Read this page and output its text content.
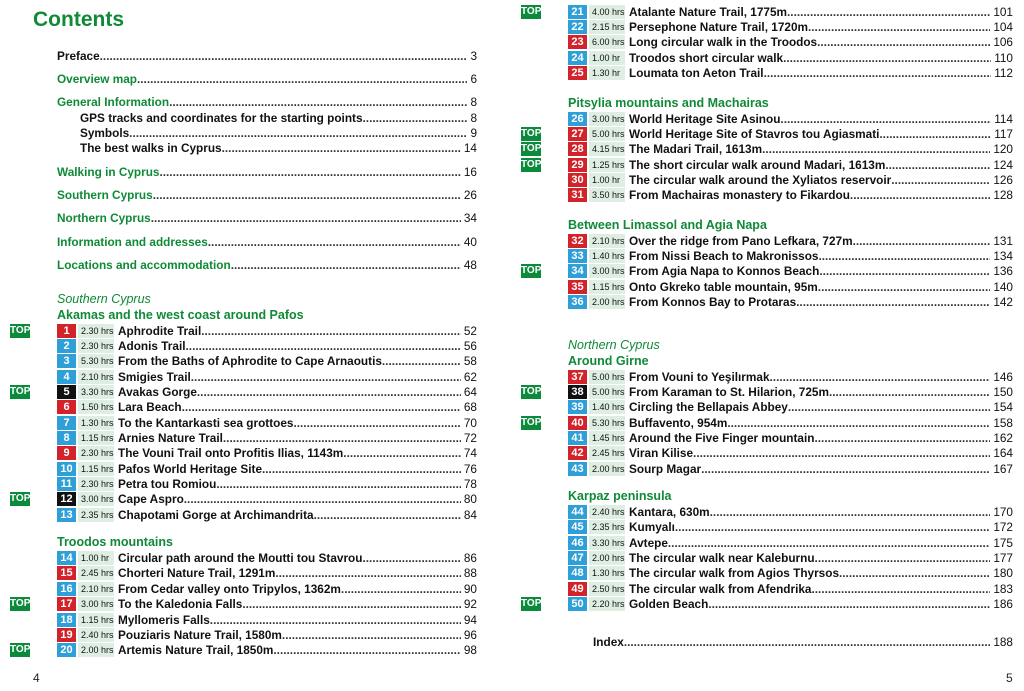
Contents
Preface .....	3
Overview map .....	6
General Information .....	8
GPS tracks and coordinates for the starting points .....	8
Symbols .....	9
The best walks in Cyprus .....	14
Walking in Cyprus .....	16
Southern Cyprus .....	26
Northern Cyprus .....	34
Information and addresses .....	40
Locations and accommodation .....	48
Southern Cyprus
Akamas and the west coast around Pafos
TOP	1	2.30 hrs Aphrodite Trail .....	52
2	2.30 hrs Adonis Trail .....	56
3	5.30 hrs From the Baths of Aphrodite to Cape Arnaoutis .....	58
4	2.10 hrs Smigies Trail .....	62
TOP	5	3.30 hrs Avakas Gorge .....	64
6	1.50 hrs Lara Beach .....	68
7	1.30 hrs To the Kantarkasti sea grottoes .....	70
8	1.15 hrs Arnies Nature Trail .....	72
9	2.30 hrs The Vouni Trail onto Profitis Ilias, 1143m .....	74
10 1.15 hrs Pafos World Heritage Site .....	76
11 2.30 hrs Petra tou Romiou .....	78
TOP	12 3.00 hrs Cape Aspro .....	80
13 2.35 hrs Chapotami Gorge at Archimandrita .....	84
Troodos mountains
14 1.00 hr Circular path around the Moutti tou Stavrou .....	86
15 2.45 hrs Chorteri Nature Trail, 1291m .....	88
16 2.10 hrs From Cedar valley onto Tripylos, 1362m .....	90
TOP	17 3.00 hrs To the Kaledonia Falls .....	92
18 1.15 hrs Myllomeris Falls .....	94
19 2.40 hrs Pouziaris Nature Trail, 1580m .....	96
TOP	20 2.00 hrs Artemis Nature Trail, 1850m .....	98
4
TOP	21 4.00 hrs Atalante Nature Trail, 1775m .....	101
22 2.15 hrs Persephone Nature Trail, 1720m .....	104
23 6.00 hrs Long circular walk in the Troodos .....	106
24 1.00 hr Troodos short circular walk .....	110
25 1.30 hr Loumata ton Aeton Trail .....	112
Pitsylia mountains and Machairas
26 3.00 hrs World Heritage Site Asinou .....	114
TOP	27 5.00 hrs World Heritage Site of Stavros tou Agiasmati .....	117
TOP	28 4.15 hrs The Madari Trail, 1613m .....	120
TOP	29 1.25 hrs The short circular walk around Madari, 1613m .....	124
30 1.00 hr The circular walk around the Xyliatos reservoir .....	126
31 3.50 hrs From Machairas monastery to Fikardou .....	128
Between Limassol and Agia Napa
32 2.10 hrs Over the ridge from Pano Lefkara, 727m .....	131
33 1.40 hrs From Nissi Beach to Makronissos .....	134
TOP	34 3.00 hrs From Agia Napa to Konnos Beach .....	136
35 1.15 hrs Onto Gkreko table mountain, 95m .....	140
36 2.00 hrs From Konnos Bay to Protaras .....	142
Northern Cyprus
Around Girne
37 5.00 hrs From Vouni to Yeşilırmak .....	146
TOP	38 5.00 hrs From Karaman to St. Hilarion, 725m .....	150
39 1.40 hrs Circling the Bellapais Abbey .....	154
TOP	40 5.30 hrs Buffavento, 954m .....	158
41 1.45 hrs Around the Five Finger mountain .....	162
42 2.45 hrs Viran Kilise .....	164
43 2.00 hrs Sourp Magar .....	167
Karpaz peninsula
44 2.40 hrs Kantara, 630m .....	170
45 2.35 hrs Kumyalı .....	172
46 3.30 hrs Avtepe .....	175
47 2.00 hrs The circular walk near Kaleburnu .....	177
48 1.30 hrs The circular walk from Agios Thyrsos .....	180
49 2.50 hrs The circular walk from Afendrika .....	183
TOP	50 2.20 hrs Golden Beach .....	186
Index .....	188
5
